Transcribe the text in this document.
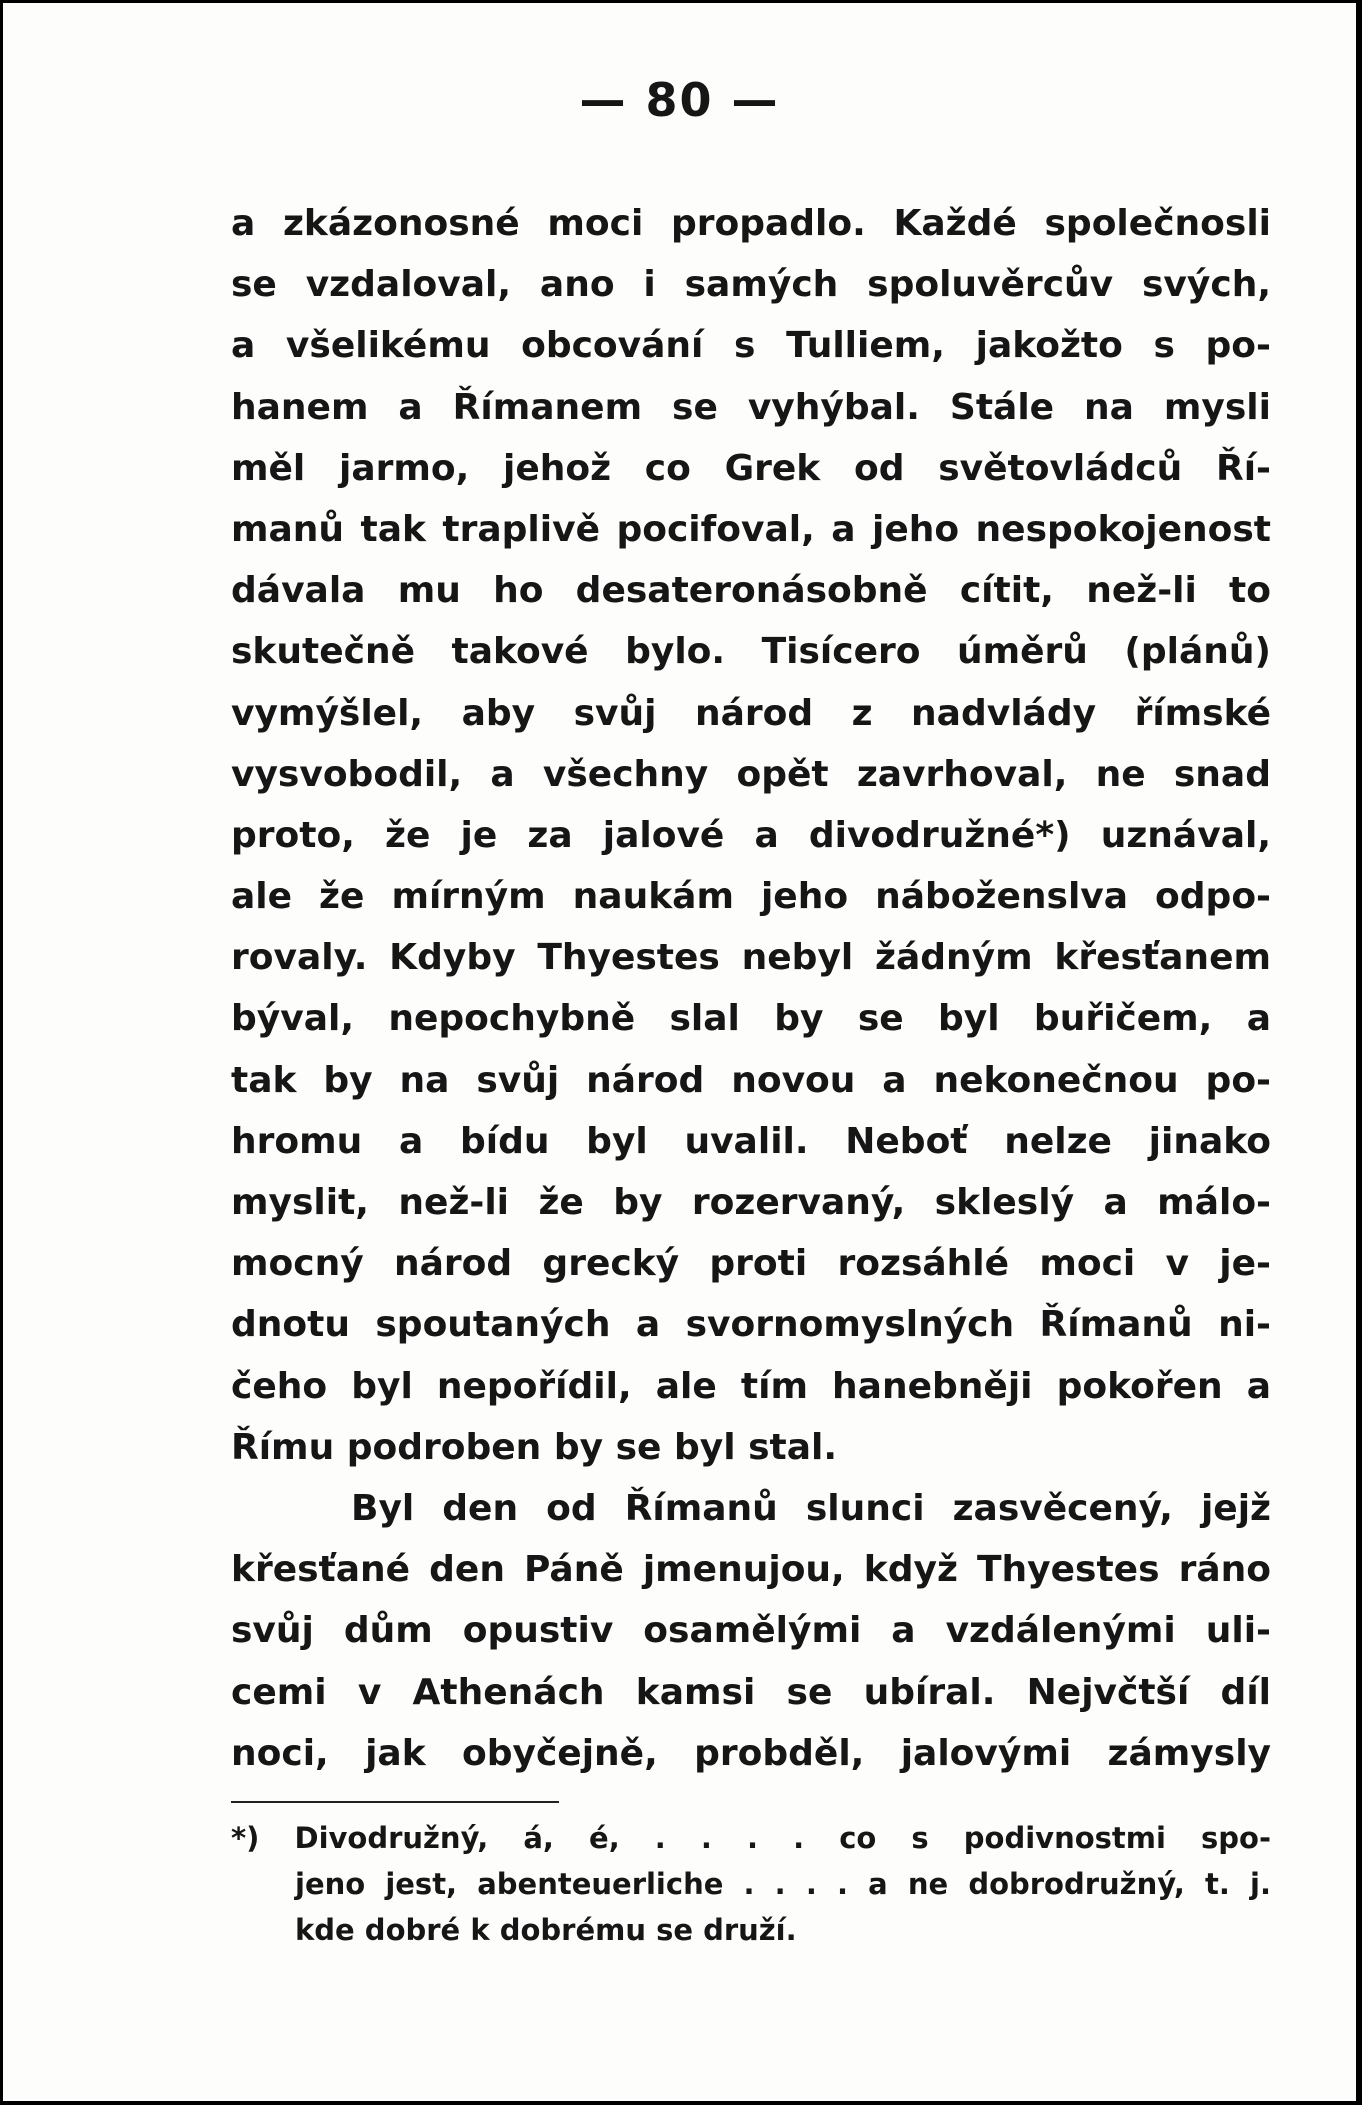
— 80 —
a zkázonosné moci propadlo. Každé společnosli
se vzdaloval, ano i samých spoluvěrcův svých,
a všelikému obcování s Tulliem, jakožto s po-
hanem a Římanem se vyhýbal. Stále na mysli
měl jarmo, jehož co Grek od světovládců Ří-
manů tak traplivě pocifoval, a jeho nespokojenost
dávala mu ho desateronásobně cítit, než-li to
skutečně takové bylo. Tisícero úměrů (plánů)
vymýšlel, aby svůj národ z nadvlády římské
vysvobodil, a všechny opět zavrhoval, ne snad
proto, že je za jalové a divodružné*) uznával,
ale že mírným naukám jeho náboženslva odpo-
rovaly. Kdyby Thyestes nebyl žádným křesťanem
býval, nepochybně slal by se byl buřičem, a
tak by na svůj národ novou a nekonečnou po-
hromu a bídu byl uvalil. Neboť nelze jinako
myslit, než-li že by rozervaný, skleslý a málo-
mocný národ grecký proti rozsáhlé moci v je-
dnotu spoutaných a svornomyslných Římanů ni-
čeho byl nepořídil, ale tím hanebněji pokořen a
Římu podroben by se byl stal.
Byl den od Římanů slunci zasvěcený, jejž
křesťané den Páně jmenujou, když Thyestes ráno
svůj dům opustiv osamělými a vzdálenými uli-
cemi v Athenách kamsi se ubíral. Nejvčtší díl
noci, jak obyčejně, probděl, jalovými zámysly
*) Divodružný, á, é, . . . . co s podivnostmi spo-
jeno jest, abenteuerliche . . . . a ne dobrodružný, t. j.
kde dobré k dobrému se druží.
